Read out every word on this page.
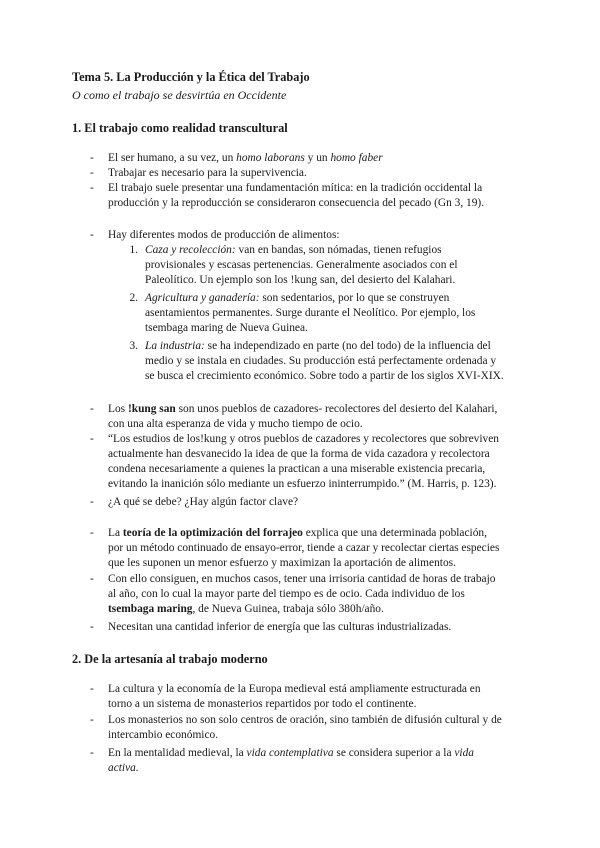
Tema 5. La Producción y la Ética del Trabajo
O como el trabajo se desvirtúa en Occidente
1. El trabajo como realidad transcultural
- El ser humano, a su vez, un homo laborans y un homo faber
- Trabajar es necesario para la supervivencia.
- El trabajo suele presentar una fundamentación mítica: en la tradición occidental la
producción y la reproducción se consideraron consecuencia del pecado (Gn 3, 19).
- Hay diferentes modos de producción de alimentos:
1. Caza y recolección: van en bandas, son nómadas, tienen refugios
provisionales y escasas pertenencias. Generalmente asociados con el
Paleolítico. Un ejemplo son los !kung san, del desierto del Kalahari.
2. Agricultura y ganadería: son sedentarios, por lo que se construyen
asentamientos permanentes. Surge durante el Neolítico. Por ejemplo, los
tsembaga maring de Nueva Guinea.
3. La industria: se ha independizado en parte (no del todo) de la influencia del
medio y se instala en ciudades. Su producción está perfectamente ordenada y
se busca el crecimiento económico. Sobre todo a partir de los siglos XVI-XIX.
- Los !kung san son unos pueblos de cazadores- recolectores del desierto del Kalahari,
con una alta esperanza de vida y mucho tiempo de ocio.
- “Los estudios de los!kung y otros pueblos de cazadores y recolectores que sobreviven
actualmente han desvanecido la idea de que la forma de vida cazadora y recolectora
condena necesariamente a quienes la practican a una miserable existencia precaria,
evitando la inanición sólo mediante un esfuerzo ininterrumpido.” (M. Harris, p. 123).
- ¿A qué se debe? ¿Hay algún factor clave?
- La teoría de la optimización del forrajeo explica que una determinada población,
por un método continuado de ensayo-error, tiende a cazar y recolectar ciertas especies
que les suponen un menor esfuerzo y maximizan la aportación de alimentos.
- Con ello consiguen, en muchos casos, tener una irrisoria cantidad de horas de trabajo
al año, con lo cual la mayor parte del tiempo es de ocio. Cada individuo de los
tsembaga maring, de Nueva Guinea, trabaja sólo 380h/año.
- Necesitan una cantidad inferior de energía que las culturas industrializadas.
2. De la artesanía al trabajo moderno
- La cultura y la economía de la Europa medieval está ampliamente estructurada en
torno a un sistema de monasterios repartidos por todo el continente.
- Los monasterios no son solo centros de oración, sino también de difusión cultural y de
intercambio económico.
- En la mentalidad medieval, la vida contemplativa se considera superior a la vida
activa.
